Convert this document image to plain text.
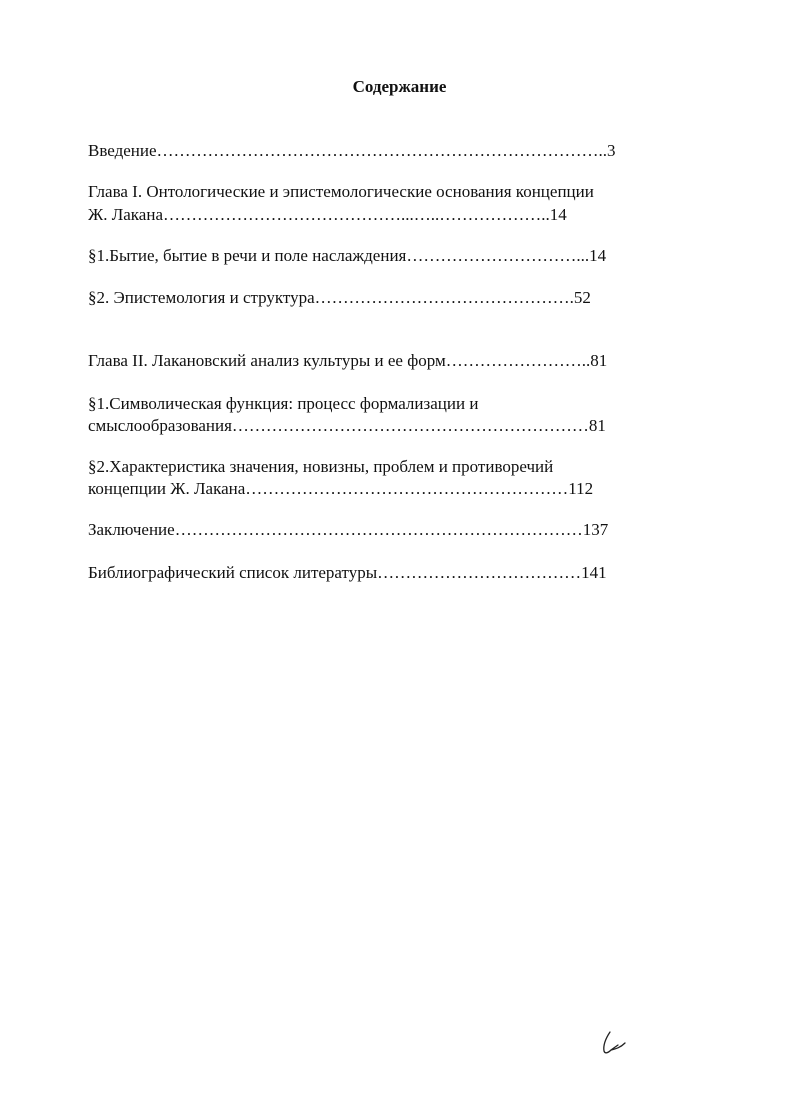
Содержание
Введение……………………………………………………………………..3
Глава I. Онтологические и эпистемологические основания концепции
Ж. Лакана……………………………………...…..………………..14
§1.Бытие, бытие в речи и поле наслаждения…………………………...14
§2. Эпистемология и структура……………………………………….52
Глава II. Лакановский анализ культуры и ее форм……………………..81
§1.Символическая функция: процесс формализации и
смыслообразования………………………………………………………81
§2.Характеристика значения, новизны, проблем и противоречий
концепции Ж. Лакана…………………………………………………112
Заключение………………………………………………………………137
Библиографический список литературы………………………………141
